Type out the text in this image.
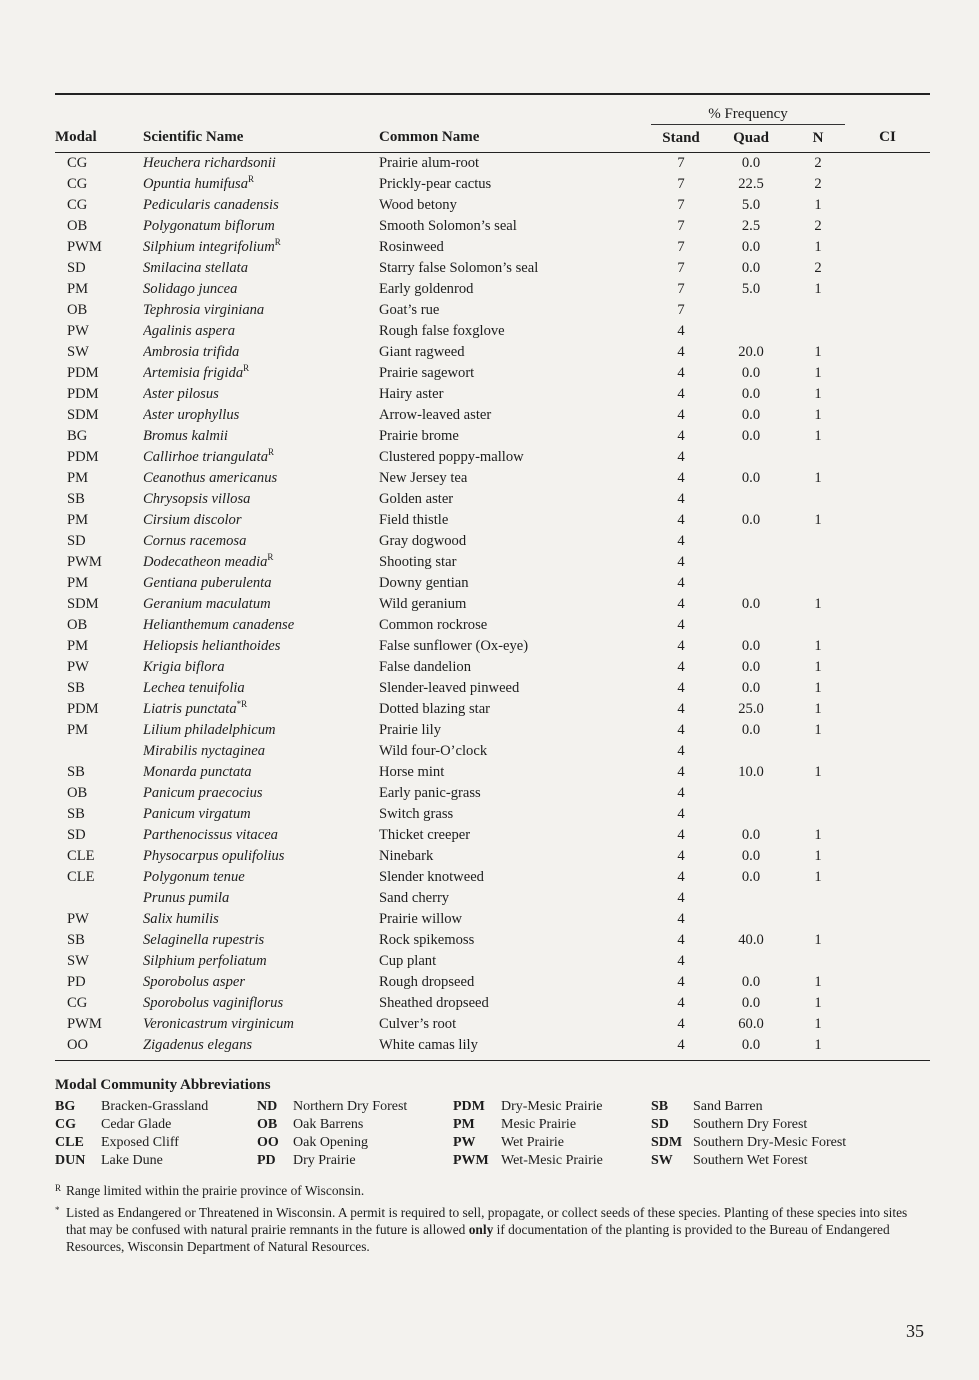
			% Frequency			
Modal	Scientific Name	Common Name	Stand	Quad	N	CI
CG	Heuchera richardsonii	Prairie alum-root	7	0.0	2	
CG	Opuntia humifusa$^R$	Prickly-pear cactus	7	22.5	2	
CG	Pedicularis canadensis	Wood betony	7	5.0	1	
OB	Polygonatum biflorum	Smooth Solomon’s seal	7	2.5	2	
PWM	Silphium integrifolium$^R$	Rosinweed	7	0.0	1	
SD	Smilacina stellata	Starry false Solomon’s seal	7	0.0	2	
PM	Solidago juncea	Early goldenrod	7	5.0	1	
OB	Tephrosia virginiana	Goat’s rue	7			
PW	Agalinis aspera	Rough false foxglove	4			
SW	Ambrosia trifida	Giant ragweed	4	20.0	1	
PDM	Artemisia frigida$^R$	Prairie sagewort	4	0.0	1	
PDM	Aster pilosus	Hairy aster	4	0.0	1	
SDM	Aster urophyllus	Arrow-leaved aster	4	0.0	1	
BG	Bromus kalmii	Prairie brome	4	0.0	1	
PDM	Callirhoe triangulata$^R$	Clustered poppy-mallow	4			
PM	Ceanothus americanus	New Jersey tea	4	0.0	1	
SB	Chrysopsis villosa	Golden aster	4			
PM	Cirsium discolor	Field thistle	4	0.0	1	
SD	Cornus racemosa	Gray dogwood	4			
PWM	Dodecatheon meadia$^R$	Shooting star	4			
PM	Gentiana puberulenta	Downy gentian	4			
SDM	Geranium maculatum	Wild geranium	4	0.0	1	
OB	Helianthemum canadense	Common rockrose	4			
PM	Heliopsis helianthoides	False sunflower (Ox-eye)	4	0.0	1	
PW	Krigia biflora	False dandelion	4	0.0	1	
SB	Lechea tenuifolia	Slender-leaved pinweed	4	0.0	1	
PDM	Liatris punctata$^{*R}$	Dotted blazing star	4	25.0	1	
PM	Lilium philadelphicum	Prairie lily	4	0.0	1	
	Mirabilis nyctaginea	Wild four-O’clock	4			
SB	Monarda punctata	Horse mint	4	10.0	1	
OB	Panicum praecocius	Early panic-grass	4			
SB	Panicum virgatum	Switch grass	4			
SD	Parthenocissus vitacea	Thicket creeper	4	0.0	1	
CLE	Physocarpus opulifolius	Ninebark	4	0.0	1	
CLE	Polygonum tenue	Slender knotweed	4	0.0	1	
	Prunus pumila	Sand cherry	4			
PW	Salix humilis	Prairie willow	4			
SB	Selaginella rupestris	Rock spikemoss	4	40.0	1	
SW	Silphium perfoliatum	Cup plant	4			
PD	Sporobolus asper	Rough dropseed	4	0.0	1	
CG	Sporobolus vaginiflorus	Sheathed dropseed	4	0.0	1	
PWM	Veronicastrum virginicum	Culver’s root	4	60.0	1	
OO	Zigadenus elegans	White camas lily	4	0.0	1	
Modal Community Abbreviations
BG	Bracken-Grassland	ND	Northern Dry Forest	PDM	Dry-Mesic Prairie	SB	Sand Barren
CG	Cedar Glade	OB	Oak Barrens	PM	Mesic Prairie	SD	Southern Dry Forest
CLE	Exposed Cliff	OO	Oak Opening	PW	Wet Prairie	SDM Southern Dry-Mesic Forest
DUN	Lake Dune	PD	Dry Prairie	PWM Wet-Mesic Prairie	SW	Southern Wet Forest
R Range limited within the prairie province of Wisconsin.
* Listed as Endangered or Threatened in Wisconsin. A permit is required to sell, propagate, or collect seeds of these species. Planting of these species into sites that may be confused with natural prairie remnants in the future is allowed only if documentation of the planting is provided to the Bureau of Endangered Resources, Wisconsin Department of Natural Resources.
35
